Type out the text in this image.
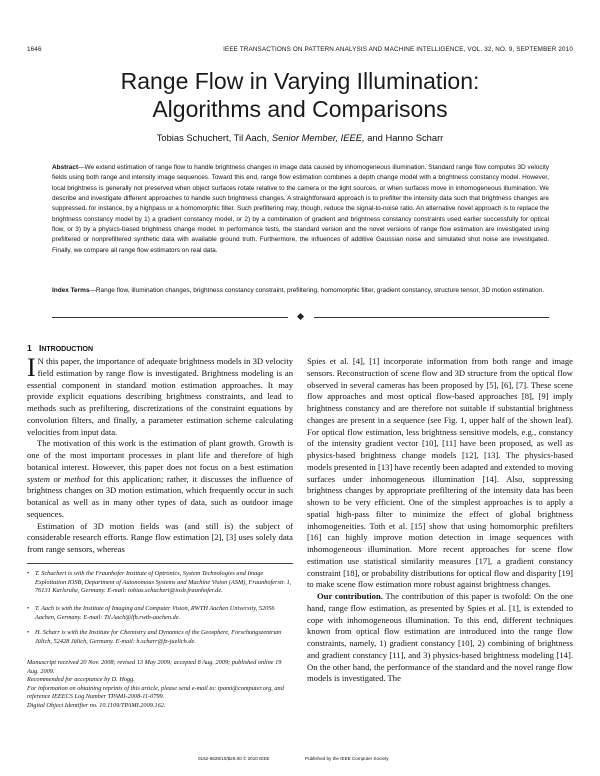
1646	IEEE TRANSACTIONS ON PATTERN ANALYSIS AND MACHINE INTELLIGENCE, VOL. 32, NO. 9, SEPTEMBER 2010
Range Flow in Varying Illumination:
Algorithms and Comparisons
Tobias Schuchert, Til Aach, Senior Member, IEEE, and Hanno Scharr
Abstract—We extend estimation of range flow to handle brightness changes in image data caused by inhomogeneous illumination. Standard range flow computes 3D velocity fields using both range and intensity image sequences. Toward this end, range flow estimation combines a depth change model with a brightness constancy model. However, local brightness is generally not preserved when object surfaces rotate relative to the camera or the light sources, or when surfaces move in inhomogeneous illumination. We describe and investigate different approaches to handle such brightness changes. A straightforward approach is to prefilter the intensity data such that brightness changes are suppressed, for instance, by a highpass or a homomorphic filter. Such prefiltering may, though, reduce the signal-to-noise ratio. An alternative novel approach is to replace the brightness constancy model by 1) a gradient constancy model, or 2) by a combination of gradient and brightness constancy constraints used earlier successfully for optical flow, or 3) by a physics-based brightness change model. In performance tests, the standard version and the novel versions of range flow estimation are investigated using prefiltered or nonprefiltered synthetic data with available ground truth. Furthermore, the influences of additive Gaussian noise and simulated shot noise are investigated. Finally, we compare all range flow estimators on real data.
Index Terms—Range flow, illumination changes, brightness constancy constraint, prefiltering, homomorphic filter, gradient constancy, structure tensor, 3D motion estimation.
1 INTRODUCTION

I N this paper, the importance of adequate brightness models in 3D velocity field estimation by range flow is investigated. Brightness modeling is an essential component in standard motion estimation approaches. It may provide explicit equations describing brightness constraints, and lead to methods such as prefiltering, discretizations of the constraint equations by convolution filters, and finally, a parameter estimation scheme calculating velocities from input data.

The motivation of this work is the estimation of plant growth. Growth is one of the most important processes in plant life and therefore of high botanical interest. However, this paper does not focus on a best estimation system or method for this application; rather, it discusses the influence of brightness changes on 3D motion estimation, which frequently occur in such botanical as well as in many other types of data, such as outdoor image sequences.

Estimation of 3D motion fields was (and still is) the subject of considerable research efforts. Range flow estimation [2], [3] uses solely data from range sensors, whereas

• T. Schuchert is with the Fraunhofer Institute of Optronics, System Technologies and Image Exploitation IOSB, Department of Autonomous Systems and Machine Vision (ASM), Fraunhoferstr. 1, 76131 Karlsruhe, Germany. E-mail: tobias.schuchert@iosb.fraunhofer.de.
• T. Aach is with the Institute of Imaging and Computer Vision, RWTH Aachen University, 52056 Aachen, Germany. E-mail: Til.Aach@lfb.rwth-aachen.de.
• H. Scharr is with the Institute for Chemistry and Dynamics of the Geosphere, Forschungszentrum Jülich, 52428 Jülich, Germany. E-mail: h.scharr@fz-juelich.de.
Manuscript received 20 Nov. 2008; revised 13 May 2009; accepted 8 Aug. 2009; published online 19 Aug. 2009.
Recommended for acceptance by D. Hogg.
For information on obtaining reprints of this article, please send e-mail to: tpami@computer.org, and reference IEEECS Log Number TPAMI-2008-11-0799.
Digital Object Identifier no. 10.1109/TPAMI.2009.162.

Spies et al. [4], [1] incorporate information from both range and image sensors. Reconstruction of scene flow and 3D structure from the optical flow observed in several cameras has been proposed by [5], [6], [7]. These scene flow approaches and most optical flow-based approaches [8], [9] imply brightness constancy and are therefore not suitable if substantial brightness changes are present in a sequence (see Fig. 1, upper half of the shown leaf). For optical flow estimation, less brightness sensitive models, e.g., constancy of the intensity gradient vector [10], [11] have been proposed, as well as physics-based brightness change models [12], [13]. The physics-based models presented in [13] have recently been adapted and extended to moving surfaces under inhomogeneous illumination [14]. Also, suppressing brightness changes by appropriate prefiltering of the intensity data has been shown to be very efficient. One of the simplest approaches is to apply a spatial high-pass filter to minimize the effect of global brightness inhomogeneities. Toth et al. [15] show that using homomorphic prefilters [16] can highly improve motion detection in image sequences with inhomogeneous illumination. More recent approaches for scene flow estimation use statistical similarity measures [17], a gradient constancy constraint [18], or probability distributions for optical flow and disparity [19] to make scene flow estimation more robust against brightness changes.

Our contribution. The contribution of this paper is twofold: On the one hand, range flow estimation, as presented by Spies et al. [1], is extended to cope with inhomogeneous illumination. To this end, different techniques known from optical flow estimation are introduced into the range flow constraints, namely, 1) gradient constancy [10], 2) combining of brightness and gradient constancy [11], and 3) physics-based brightness modeling [14]. On the other hand, the performance of the standard and the novel range flow models is investigated. The

0162-8828/10/$26.00 © 2010 IEEE	Published by the IEEE Computer Society
